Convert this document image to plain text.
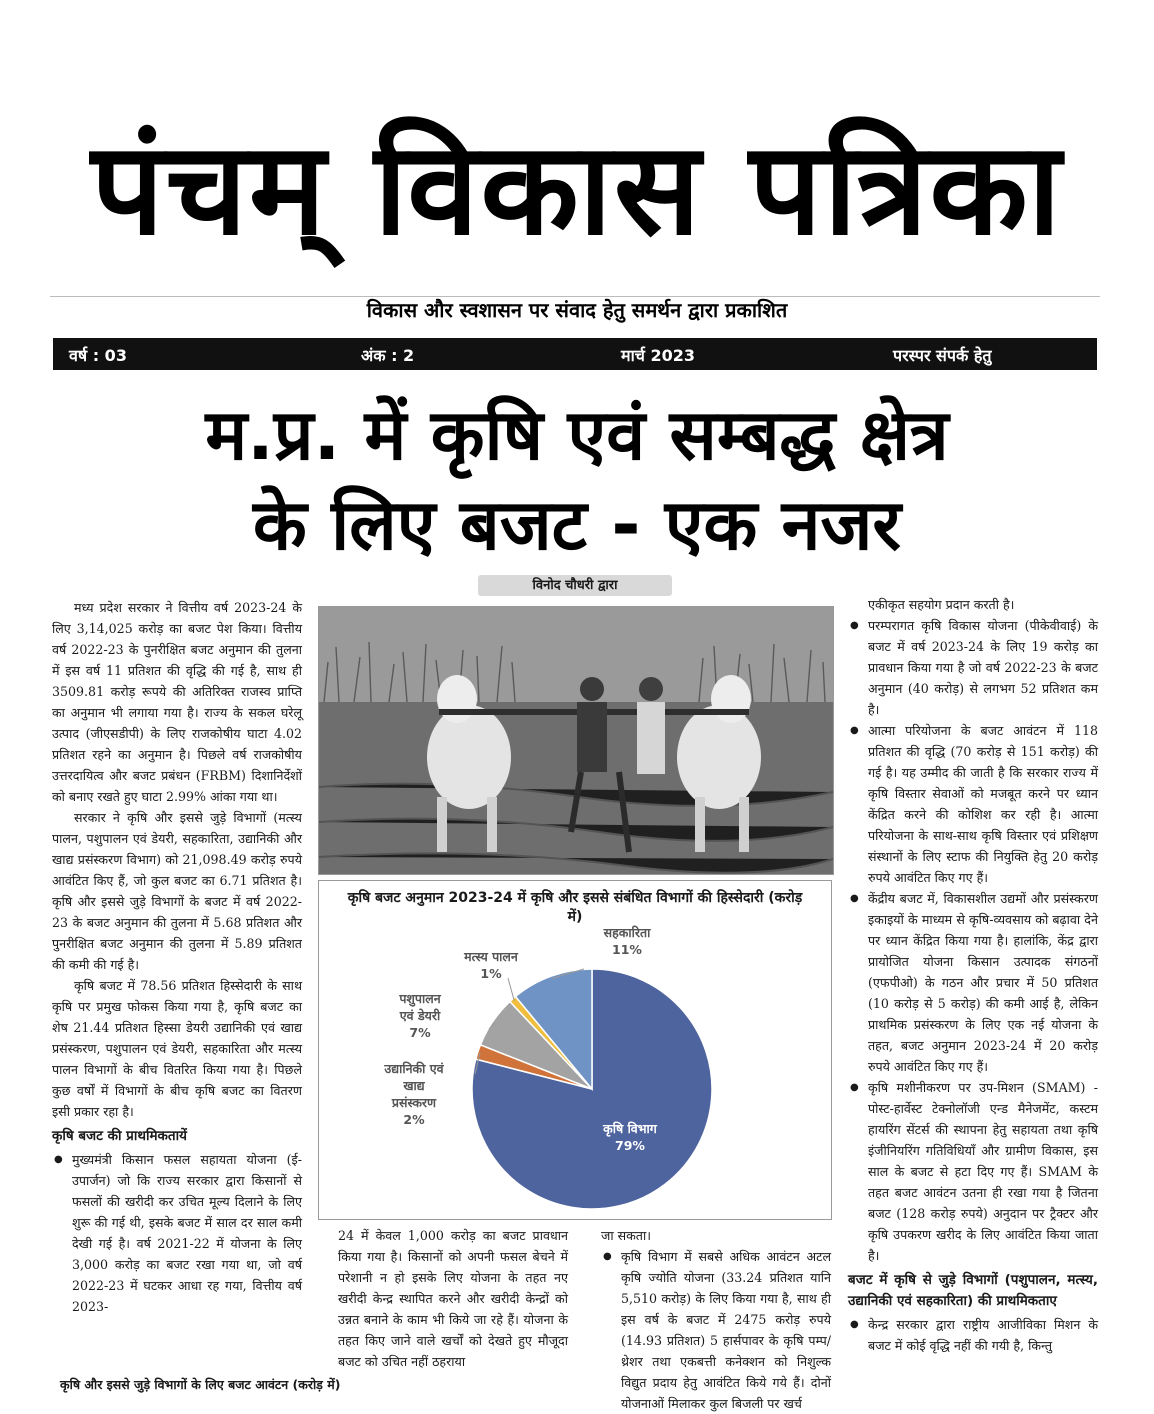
पंचम् विकास पत्रिका
विकास और स्वशासन पर संवाद हेतु समर्थन द्वारा प्रकाशित
वर्ष : 03	अंक : 2	मार्च 2023	परस्पर संपर्क हेतु
म.प्र. में कृषि एवं सम्बद्ध क्षेत्र
के लिए बजट - एक नजर
विनोद चौधरी द्वारा

मध्य प्रदेश सरकार ने वित्तीय वर्ष 2023-24 के लिए 3,14,025 करोड़ का बजट पेश किया। वित्तीय वर्ष 2022-23 के पुनरीक्षित बजट अनुमान की तुलना में इस वर्ष 11 प्रतिशत की वृद्धि की गई है, साथ ही 3509.81 करोड़ रूपये की अतिरिक्त राजस्व प्राप्ति का अनुमान भी लगाया गया है। राज्य के सकल घरेलू उत्पाद (जीएसडीपी) के लिए राजकोषीय घाटा 4.02 प्रतिशत रहने का अनुमान है। पिछले वर्ष राजकोषीय उत्तरदायित्व और बजट प्रबंधन (FRBM) दिशानिर्देशों को बनाए रखते हुए घाटा 2.99% आंका गया था।

सरकार ने कृषि और इससे जुड़े विभागों (मत्स्य पालन, पशुपालन एवं डेयरी, सहकारिता, उद्यानिकी और खाद्य प्रसंस्करण विभाग) को 21,098.49 करोड़ रुपये आवंटित किए हैं, जो कुल बजट का 6.71 प्रतिशत है। कृषि और इससे जुड़े विभागों के बजट में वर्ष 2022-23 के बजट अनुमान की तुलना में 5.68 प्रतिशत और पुनरीक्षित बजट अनुमान की तुलना में 5.89 प्रतिशत की कमी की गई है।

कृषि बजट में 78.56 प्रतिशत हिस्सेदारी के साथ कृषि पर प्रमुख फोकस किया गया है, कृषि बजट का शेष 21.44 प्रतिशत हिस्सा डेयरी उद्यानिकी एवं खाद्य प्रसंस्करण, पशुपालन एवं डेयरी, सहकारिता और मत्स्य पालन विभागों के बीच वितरित किया गया है। पिछले कुछ वर्षों में विभागों के बीच कृषि बजट का वितरण इसी प्रकार रहा है।

कृषि बजट की प्राथमिकतायें
● मुख्यमंत्री किसान फसल सहायता योजना (ई-उपार्जन) जो कि राज्य सरकार द्वारा किसानों से फसलों की खरीदी कर उचित मूल्य दिलाने के लिए शुरू की गई थी, इसके बजट में साल दर साल कमी देखी गई है। वर्ष 2021-22 में योजना के लिए 3,000 करोड़ का बजट रखा गया था, जो वर्ष 2022-23 में घटकर आधा रह गया, वित्तीय वर्ष 2023-
कृषि विभाग 79%
उद्यानिकी एवं खाद्य प्रसंस्करण 2%
पशुपालन एवं डेयरी 7%
मत्स्य पालन 1%
सहकारिता 11%
कृषि बजट अनुमान 2023-24 में कृषि और इससे संबंधित विभागों की हिस्सेदारी (करोड़ में)

24 में केवल 1,000 करोड़ का बजट प्रावधान किया गया है। किसानों को अपनी फसल बेचने में परेशानी न हो इसके लिए योजना के तहत नए खरीदी केन्द्र स्थापित करने और खरीदी केन्द्रों को उन्नत बनाने के काम भी किये जा रहे हैं। योजना के तहत किए जाने वाले खर्चों को देखते हुए मौजूदा बजट को उचित नहीं ठहराया

जा सकता।

● कृषि विभाग में सबसे अधिक आवंटन अटल कृषि ज्योति योजना (33.24 प्रतिशत यानि 5,510 करोड़) के लिए किया गया है, साथ ही इस वर्ष के बजट में 2475 करोड़ रुपये (14.93 प्रतिशत) 5 हार्सपावर के कृषि पम्प/ थ्रेशर तथा एकबत्ती कनेक्शन को निशुल्क विद्युत प्रदाय हेतु आवंटित किये गये हैं। दोनों योजनाओं मिलाकर कुल बिजली पर खर्च

एकीकृत सहयोग प्रदान करती है।

● परम्परागत कृषि विकास योजना (पीकेवीवाई) के बजट में वर्ष 2023-24 के लिए 19 करोड़ का प्रावधान किया गया है जो वर्ष 2022-23 के बजट अनुमान (40 करोड़) से लगभग 52 प्रतिशत कम है।
● आत्मा परियोजना के बजट आवंटन में 118 प्रतिशत की वृद्धि (70 करोड़ से 151 करोड़) की गई है। यह उम्मीद की जाती है कि सरकार राज्य में कृषि विस्तार सेवाओं को मजबूत करने पर ध्यान केंद्रित करने की कोशिश कर रही है। आत्मा परियोजना के साथ-साथ कृषि विस्तार एवं प्रशिक्षण संस्थानों के लिए स्टाफ की नियुक्ति हेतु 20 करोड़ रुपये आवंटित किए गए हैं।
● केंद्रीय बजट में, विकासशील उद्यमों और प्रसंस्करण इकाइयों के माध्यम से कृषि-व्यवसाय को बढ़ावा देने पर ध्यान केंद्रित किया गया है। हालांकि, केंद्र द्वारा प्रायोजित योजना किसान उत्पादक संगठनों (एफपीओ) के गठन और प्रचार में 50 प्रतिशत (10 करोड़ से 5 करोड़) की कमी आई है, लेकिन प्राथमिक प्रसंस्करण के लिए एक नई योजना के तहत, बजट अनुमान 2023-24 में 20 करोड़ रुपये आवंटित किए गए हैं।
● कृषि मशीनीकरण पर उप-मिशन (SMAM) - पोस्ट-हार्वेस्ट टेक्नोलॉजी एन्ड मैनेजमेंट, कस्टम हायरिंग सेंटर्स की स्थापना हेतु सहायता तथा कृषि इंजीनियरिंग गतिविधियाँ और ग्रामीण विकास, इस साल के बजट से हटा दिए गए हैं। SMAM के तहत बजट आवंटन उतना ही रखा गया है जितना बजट (128 करोड़ रुपये) अनुदान पर ट्रैक्टर और कृषि उपकरण खरीद के लिए आवंटित किया जाता है।
बजट में कृषि से जुड़े विभागों (पशुपालन, मत्स्य, उद्यानिकी एवं सहकारिता) की प्राथमिकताए
● केन्द्र सरकार द्वारा राष्ट्रीय आजीविका मिशन के बजट में कोई वृद्धि नहीं की गयी है, किन्तु
कृषि और इससे जुड़े विभागों के लिए बजट आवंटन (करोड़ में)
